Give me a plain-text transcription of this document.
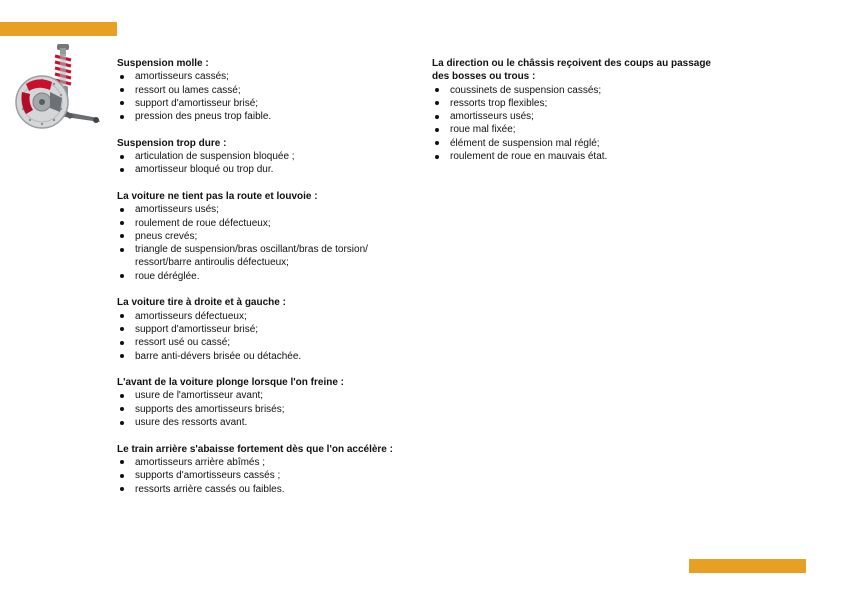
Suspension molle :

amortisseurs cassés;
ressort ou lames cassé;
support d'amortisseur brisé;
pression des pneus trop faible.

Suspension trop dure :

articulation de suspension bloquée ;
amortisseur bloqué ou trop dur.

La voiture ne tient pas la route et louvoie :

amortisseurs usés;
roulement de roue défectueux;
pneus crevés;
triangle de suspension/bras oscillant/bras de torsion/ ressort/barre antiroulis défectueux;
roue déréglée.

La voiture tire à droite et à gauche :

amortisseurs défectueux;
support d'amortisseur brisé;
ressort usé ou cassé;
barre anti-dévers brisée ou détachée.

L'avant de la voiture plonge lorsque l'on freine :

usure de l'amortisseur avant;
supports des amortisseurs brisés;
usure des ressorts avant.

Le train arrière s'abaisse fortement dès que l'on accélère :

amortisseurs arrière abîmés ;
supports d'amortisseurs cassés ;
ressorts arrière cassés ou faibles.

La direction ou le châssis reçoivent des coups au passage des bosses ou trous :

coussinets de suspension cassés;
ressorts trop flexibles;
amortisseurs usés;
roue mal fixée;
élément de suspension mal réglé;
roulement de roue en mauvais état.
